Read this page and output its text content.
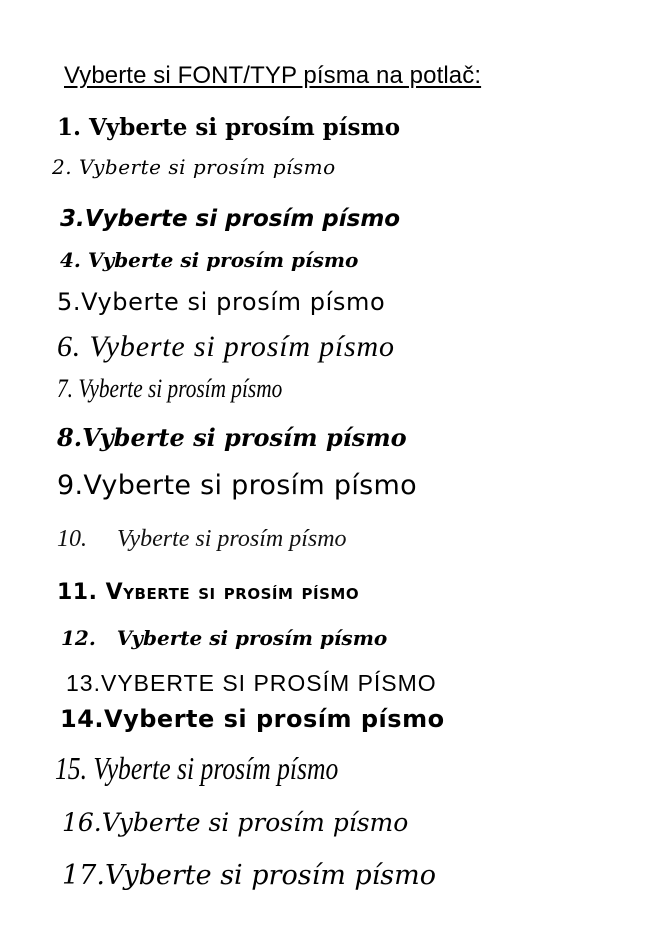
Vyberte si FONT/TYP písma na potlač:
1. Vyberte si prosím písmo
2. Vyberte si prosím písmo
3.Vyberte si prosím písmo
4. Vyberte si prosím písmo
5.Vyberte si prosím písmo
6. Vyberte si prosím písmo
7. Vyberte si prosím písmo
8.Vyberte si prosím písmo
9.Vyberte si prosím písmo
10. Vyberte si prosím písmo
11. Vyberte si prosím písmo
12. Vyberte si prosím písmo
13.VYBERTE SI PROSÍM PÍSMO
14.Vyberte si prosím písmo
15. Vyberte si prosím písmo
16.Vyberte si prosím písmo
17.Vyberte si prosím písmo
